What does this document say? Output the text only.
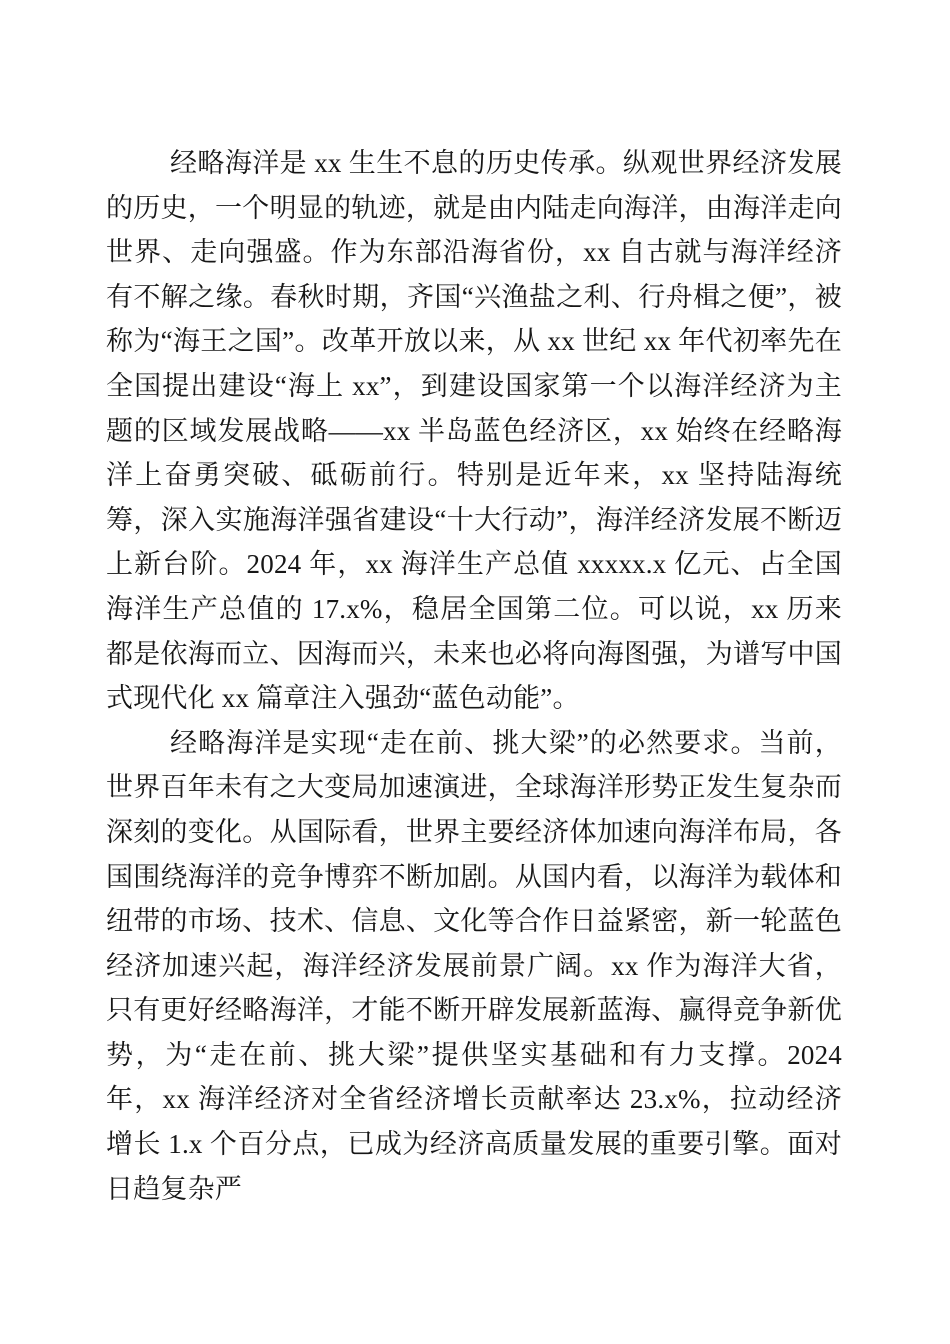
经略海洋是 xx 生生不息的历史传承。纵观世界经济发展的历史，一个明显的轨迹，就是由内陆走向海洋，由海洋走向世界、走向强盛。作为东部沿海省份，xx 自古就与海洋经济有不解之缘。春秋时期，齐国“兴渔盐之利、行舟楫之便”，被称为“海王之国”。改革开放以来，从 xx 世纪 xx 年代初率先在全国提出建设“海上 xx”，到建设国家第一个以海洋经济为主题的区域发展战略——xx 半岛蓝色经济区，xx 始终在经略海洋上奋勇突破、砥砺前行。特别是近年来，xx 坚持陆海统筹，深入实施海洋强省建设“十大行动”，海洋经济发展不断迈上新台阶。2024 年，xx 海洋生产总值 xxxxx.x 亿元、占全国海洋生产总值的 17.x%，稳居全国第二位。可以说，xx 历来都是依海而立、因海而兴，未来也必将向海图强，为谱写中国式现代化 xx 篇章注入强劲“蓝色动能”。

经略海洋是实现“走在前、挑大梁”的必然要求。当前，世界百年未有之大变局加速演进，全球海洋形势正发生复杂而深刻的变化。从国际看，世界主要经济体加速向海洋布局，各国围绕海洋的竞争博弈不断加剧。从国内看，以海洋为载体和纽带的市场、技术、信息、文化等合作日益紧密，新一轮蓝色经济加速兴起，海洋经济发展前景广阔。xx 作为海洋大省，只有更好经略海洋，才能不断开辟发展新蓝海、赢得竞争新优势，为“走在前、挑大梁”提供坚实基础和有力支撑。2024 年，xx 海洋经济对全省经济增长贡献率达 23.x%，拉动经济增长 1.x 个百分点，已成为经济高质量发展的重要引擎。面对日趋复杂严
